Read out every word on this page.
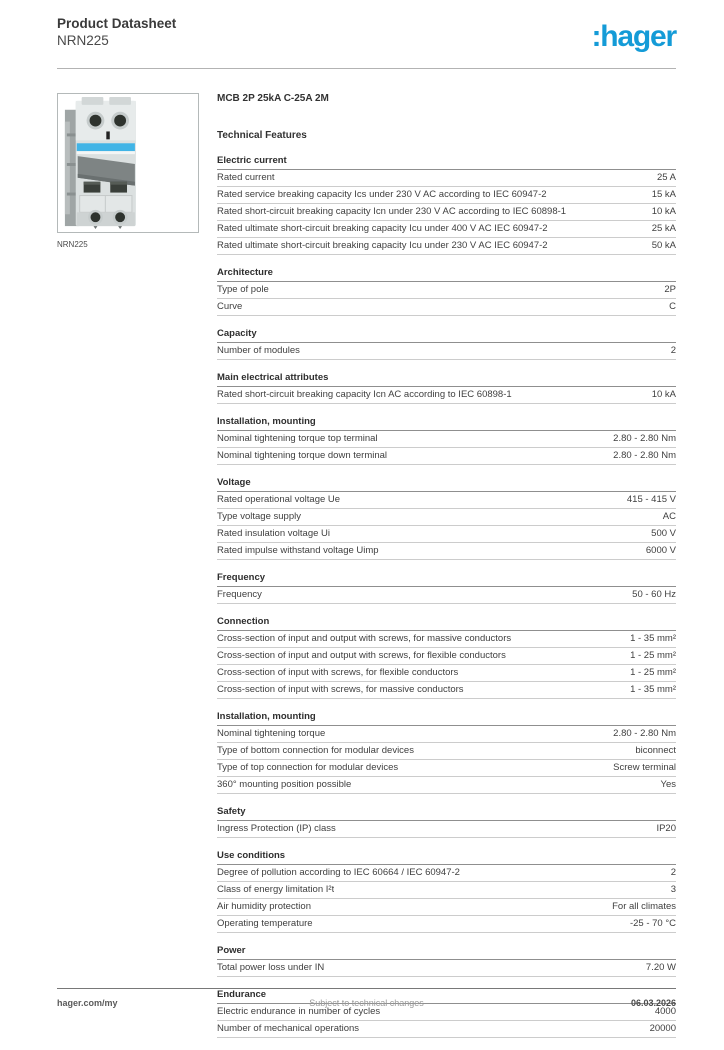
Product Datasheet
NRN225	:hager
NRN225
MCB 2P 25kA C-25A 2M
Technical Features
Electric current
Rated current	25 A
Rated service breaking capacity Ics under 230 V AC according to IEC 60947-2	15 kA
Rated short-circuit breaking capacity Icn under 230 V AC according to IEC 60898-1	10 kA
Rated ultimate short-circuit breaking capacity Icu under 400 V AC IEC 60947-2	25 kA
Rated ultimate short-circuit breaking capacity Icu under 230 V AC IEC 60947-2	50 kA
Architecture
Type of pole	2P
Curve	C
Capacity
Number of modules	2
Main electrical attributes
Rated short-circuit breaking capacity Icn AC according to IEC 60898-1	10 kA
Installation, mounting
Nominal tightening torque top terminal	2.80 - 2.80 Nm
Nominal tightening torque down terminal	2.80 - 2.80 Nm
Voltage
Rated operational voltage Ue	415 - 415 V
Type voltage supply	AC
Rated insulation voltage Ui	500 V
Rated impulse withstand voltage Uimp	6000 V
Frequency
Frequency	50 - 60 Hz
Connection
Cross-section of input and output with screws, for massive conductors	1 - 35 mm²
Cross-section of input and output with screws, for flexible conductors	1 - 25 mm²
Cross-section of input with screws, for flexible conductors	1 - 25 mm²
Cross-section of input with screws, for massive conductors	1 - 35 mm²
Installation, mounting
Nominal tightening torque	2.80 - 2.80 Nm
Type of bottom connection for modular devices	biconnect
Type of top connection for modular devices	Screw terminal
360° mounting position possible	Yes
Safety
Ingress Protection (IP) class	IP20
Use conditions
Degree of pollution according to IEC 60664 / IEC 60947-2	2
Class of energy limitation I²t	3
Air humidity protection	For all climates
Operating temperature	-25 - 70 °C
Power
Total power loss under IN	7.20 W
Endurance
Electric endurance in number of cycles	4000
Number of mechanical operations	20000
hager.com/my	Subject to technical changes	06.03.2026
